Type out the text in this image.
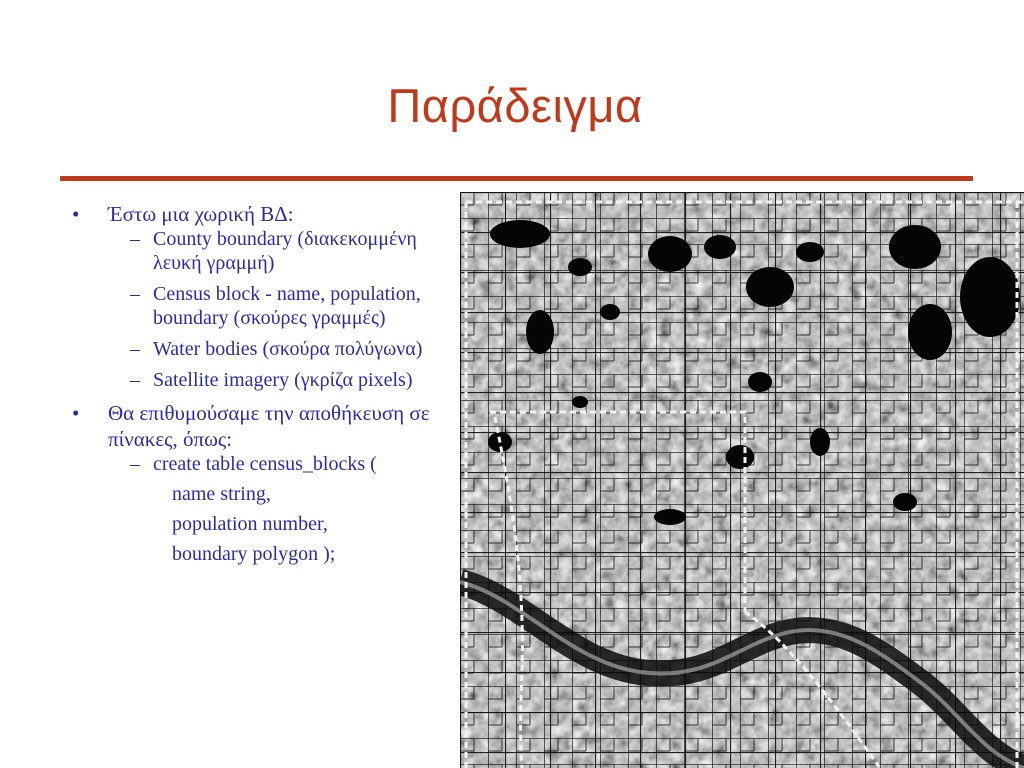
Παράδειγμα
• Έστω μια χωρική ΒΔ:
– County boundary (διακεκομμένη λευκή γραμμή)
– Census block - name, population, boundary (σκούρες γραμμές)
– Water bodies (σκούρα πολύγωνα)
– Satellite imagery (γκρίζα pixels)
• Θα επιθυμούσαμε την αποθήκευση σε πίνακες, όπως:
– create table census_blocks (
name string,
population number,
boundary polygon );
